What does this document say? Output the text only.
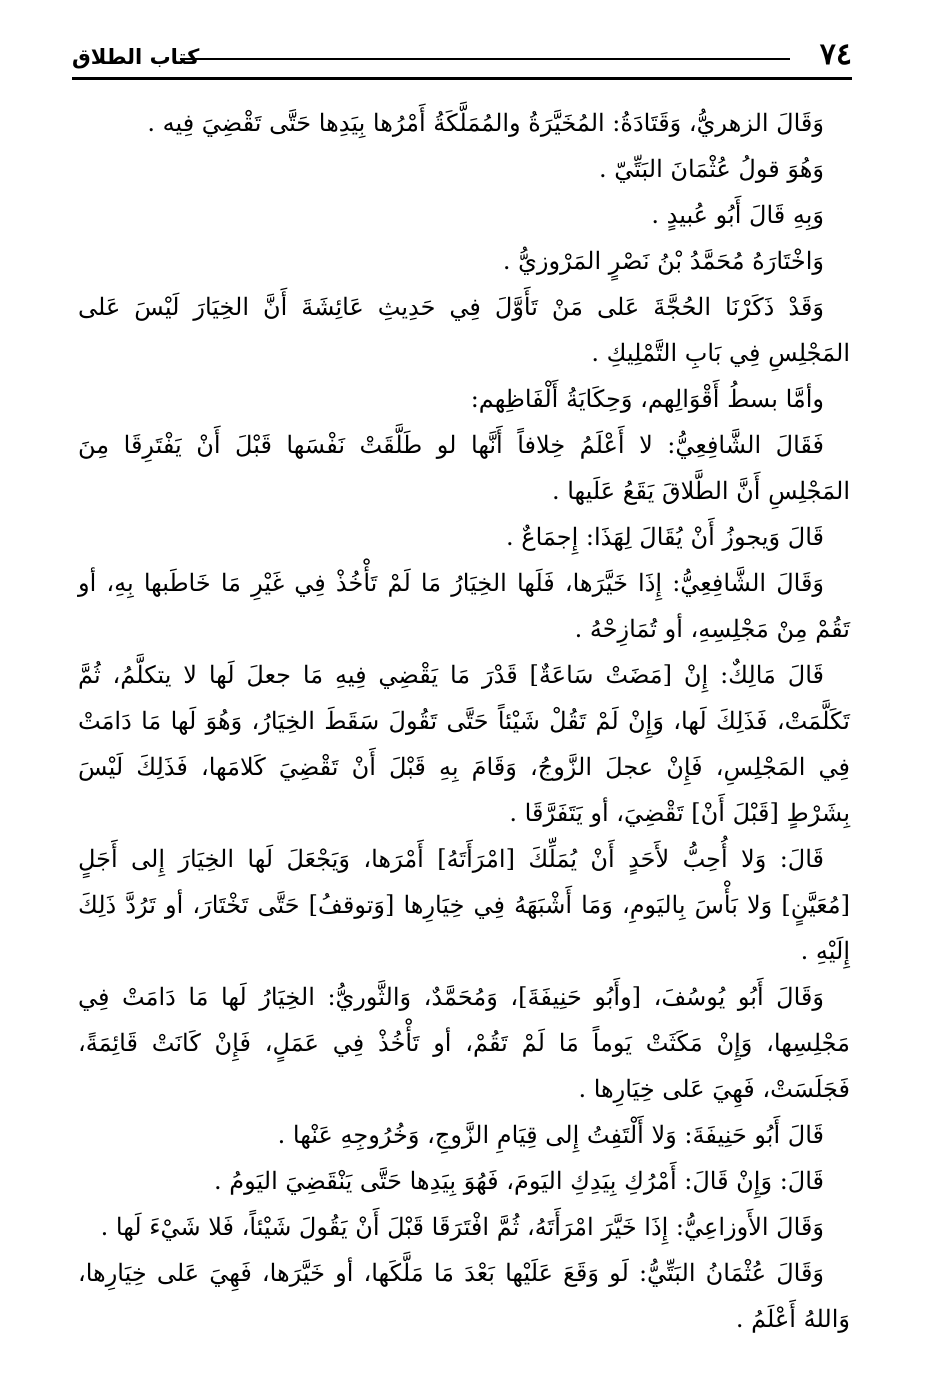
٧٤
كتاب الطلاق

وَقَالَ الزهريُّ، وَقَتَادَةُ: المُخَيَّرَةُ والمُمَلَّكَةُ أَمْرُها بِيَدِها حَتَّى تَقْضِيَ فِيه .

وَهُوَ قولُ عُثْمَانَ البَتِّيّ .

وَبِهِ قَالَ أَبُو عُبيدٍ .

وَاخْتَارَهُ مُحَمَّدُ بْنُ نَصْرٍ المَرْوزيُّ .

وَقَدْ ذَكَرْنَا الحُجَّةَ عَلى مَنْ تَأَوَّلَ فِي حَدِيثِ عَائِشَةَ أَنَّ الخِيَارَ لَيْسَ عَلى المَجْلِسِ فِي بَابِ التَّمْلِيكِ .

وأمَّا بسطُ أَقْوَالِهم، وَحِكَايَةُ أَلْفَاظِهم:

فَقَالَ الشَّافِعِيُّ: لا أَعْلَمُ خِلافاً أَنَّها لو طَلَّقَتْ نَفْسَها قَبْلَ أَنْ يَفْتَرِقَا مِنَ المَجْلِسِ أَنَّ الطَّلاقَ يَقَعُ عَلَيها .

قَالَ وَيجوزُ أَنْ يُقَالَ لِهَذَا: إِجمَاعٌ .

وَقَالَ الشَّافِعِيُّ: إِذَا خَيَّرَها، فَلَها الخِيَارُ مَا لَمْ تَأْخُذْ فِي غَيْرِ مَا خَاطَبها بِهِ، أو تَقُمْ مِنْ مَجْلِسِهِ، أو تُمَازِحْهُ .

قَالَ مَالِكٌ: إِنْ [مَضَتْ سَاعَةٌ] قَدْرَ مَا يَقْضِي فِيهِ مَا جعلَ لَها لا يتكلَّمُ، ثُمَّ تَكَلَّمَتْ، فَذَلِكَ لَها، وَإِنْ لَمْ تَقُلْ شَيْئاً حَتَّى تَقُولَ سَقَطَ الخِيَارُ، وَهُوَ لَها مَا دَامَتْ فِي المَجْلِسِ، فَإِنْ عجلَ الزَّوجُ، وَقَامَ بِهِ قَبْلَ أَنْ تَقْضِيَ كَلامَها، فَذَلِكَ لَيْسَ بِشَرْطٍ [قَبْلَ أَنْ] تَقْضِيَ، أو يَتَفَرَّقَا .

قَالَ: وَلا أُحِبُّ لأَحَدٍ أَنْ يُمَلِّكَ [امْرَأَتَهُ] أَمْرَها، وَيَجْعَلَ لَها الخِيَارَ إِلى أَجَلٍ [مُعَيَّنٍ] وَلا بَأْسَ بِاليَومِ، وَمَا أَشْبَهَهُ فِي خِيَارِها [وَتوقفُ] حَتَّى تَخْتَارَ، أو تَرُدَّ ذَلِكَ إِلَيْهِ .

وَقَالَ أَبُو يُوسُفَ، [وأَبُو حَنِيفَةَ]، وَمُحَمَّدٌ، وَالثَّوريُّ: الخِيَارُ لَها مَا دَامَتْ فِي مَجْلِسِها، وَإِنْ مَكَثَتْ يَوماً مَا لَمْ تَقُمْ، أو تَأْخُذْ فِي عَمَلٍ، فَإِنْ كَانَتْ قَائِمَةً، فَجَلَسَتْ، فَهِيَ عَلى خِيَارِها .

قَالَ أَبُو حَنِيفَةَ: وَلا أَلْتَفِتُ إِلى قِيَامِ الزَّوجِ، وَخُرُوجِهِ عَنْها .

قَالَ: وَإِنْ قَالَ: أَمْرُكِ بِيَدِكِ اليَومَ، فَهُوَ بِيَدِها حَتَّى يَنْقَضِيَ اليَومُ .

وَقَالَ الأَوزاعِيُّ: إِذَا خَيَّرَ امْرَأَتَهُ، ثُمَّ افْتَرَقَا قَبْلَ أَنْ يَقُولَ شَيْئاً، فَلا شَيْءَ لَها .

وَقَالَ عُثْمَانُ البَتِّيُّ: لَو وَقَعَ عَلَيْها بَعْدَ مَا مَلَّكَها، أو خَيَّرَها، فَهِيَ عَلى خِيَارِها، وَاللهُ أَعْلَمُ .
